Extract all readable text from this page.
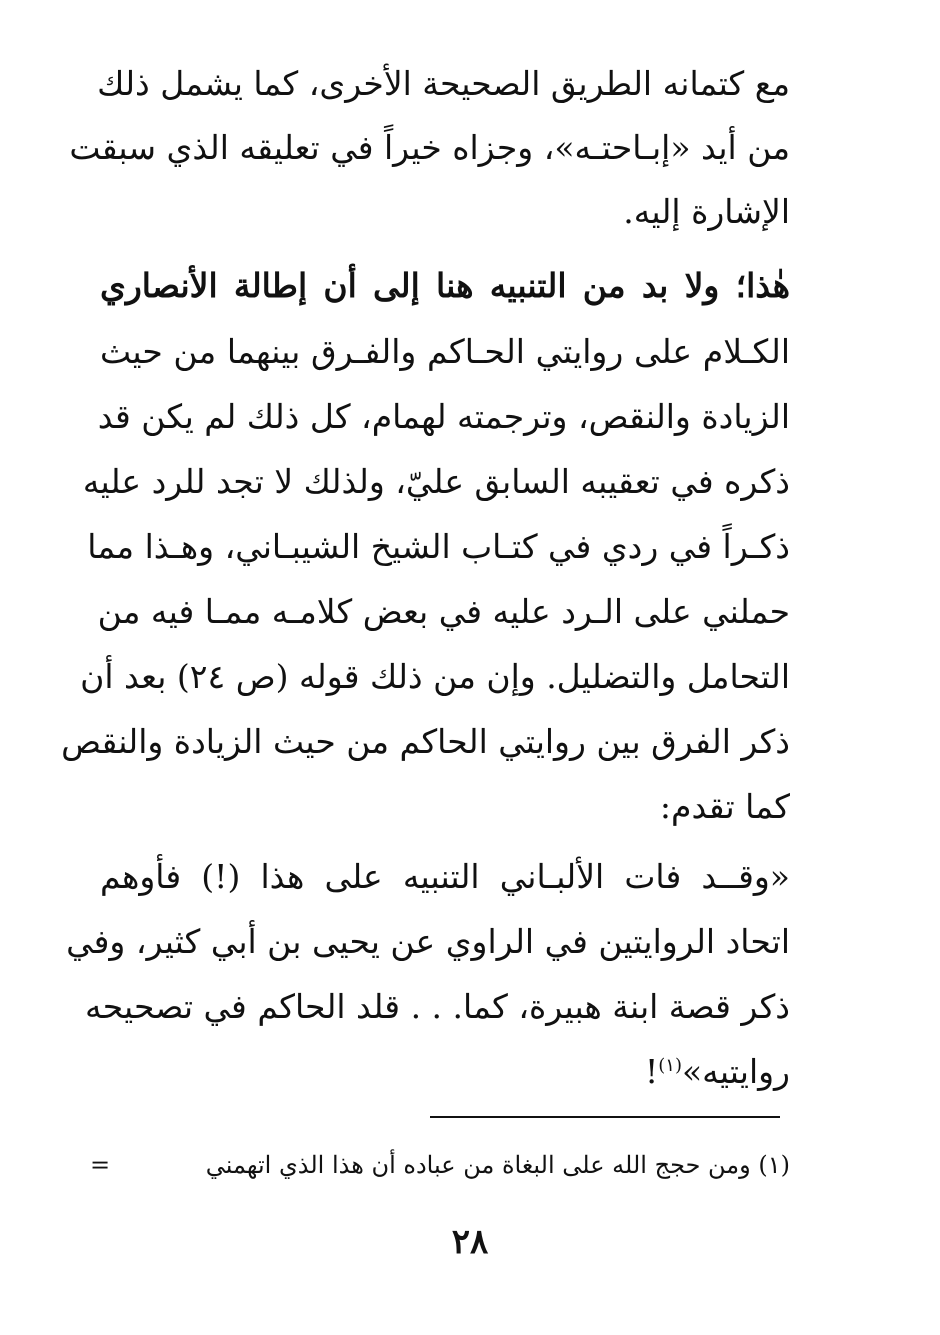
مع كتمانه الطريق الصحيحة الأخرى، كما يشمل ذلك
من أيد «إبـاحتـه»، وجزاه خيراً في تعليقه الذي سبقت
الإشارة إليه.
هٰذا؛ ولا بد من التنبيه هنا إلى أن إطالة الأنصاري
الكـلام على روايتي الحـاكم والفـرق بينهما من حيث
الزيادة والنقص، وترجمته لهمام، كل ذلك لم يكن قد
ذكره في تعقيبه السابق عليّ، ولذلك لا تجد للرد عليه
ذكـراً في ردي في كتـاب الشيخ الشيبـاني، وهـذا مما
حملني على الـرد عليه في بعض كلامـه ممـا فيه من
التحامل والتضليل. وإن من ذلك قوله (ص ٢٤) بعد أن
ذكر الفرق بين روايتي الحاكم من حيث الزيادة والنقص
كما تقدم:
«وقــد فات الألبـاني التنبيه على هذا (!) فأوهم
اتحاد الروايتين في الراوي عن يحيى بن أبي كثير، وفي
ذكر قصة ابنة هبيرة، كما. . . قلد الحاكم في تصحيحه
روايتيه»$^{(١)}$!
(١) ومن حجج الله على البغاة من عباده أن هذا الذي اتهمني
=
٢٨
